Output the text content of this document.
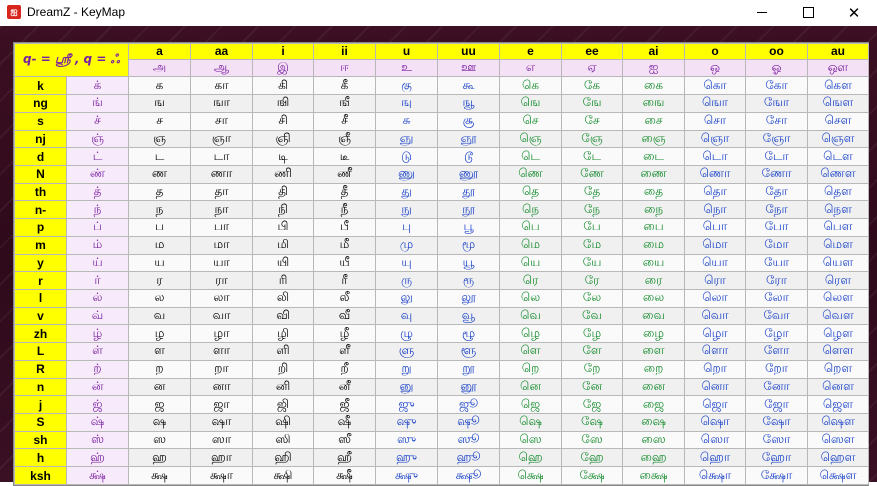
ஐ DreamZ - KeyMap	✕
q- = ஸ்ரீ , q = ஃ		a	aa	i	ii	u	uu	e	ee	ai	o	oo	au
		அ	ஆ	இ	ஈ	உ	ஊ	எ	ஏ	ஐ	ஒ	ஓ	ஔ
k	க்	க	கா	கி	கீ	கு	கூ	கெ	கே	கை	கொ	கோ	கௌ
ng	ங்	ங	ஙா	ஙி	ஙீ	ஙு	ஙூ	ஙெ	ஙே	ஙை	ஙொ	ஙோ	ஙௌ
s	ச்	ச	சா	சி	சீ	சு	சூ	செ	சே	சை	சொ	சோ	சௌ
nj	ஞ்	ஞ	ஞா	ஞி	ஞீ	ஞு	ஞூ	ஞெ	ஞே	ஞை	ஞொ	ஞோ	ஞௌ
d	ட்	ட	டா	டி	டீ	டு	டூ	டெ	டே	டை	டொ	டோ	டௌ
N	ண்	ண	ணா	ணி	ணீ	ணு	ணூ	ணெ	ணே	ணை	ணொ	ணோ	ணௌ
th	த்	த	தா	தி	தீ	து	தூ	தெ	தே	தை	தொ	தோ	தௌ
n-	ந்	ந	நா	நி	நீ	நு	நூ	நெ	நே	நை	நொ	நோ	நௌ
p	ப்	ப	பா	பி	பீ	பு	பூ	பெ	பே	பை	பொ	போ	பௌ
m	ம்	ம	மா	மி	மீ	மு	மூ	மெ	மே	மை	மொ	மோ	மௌ
y	ய்	ய	யா	யி	யீ	யு	யூ	யெ	யே	யை	யொ	யோ	யௌ
r	ர்	ர	ரா	ரி	ரீ	ரு	ரூ	ரெ	ரே	ரை	ரொ	ரோ	ரௌ
l	ல்	ல	லா	லி	லீ	லு	லூ	லெ	லே	லை	லொ	லோ	லௌ
v	வ்	வ	வா	வி	வீ	வு	வூ	வெ	வே	வை	வொ	வோ	வௌ
zh	ழ்	ழ	ழா	ழி	ழீ	ழு	ழூ	ழெ	ழே	ழை	ழொ	ழோ	ழௌ
L	ள்	ள	ளா	ளி	ளீ	ளு	ளூ	ளெ	ளே	ளை	ளொ	ளோ	ளௌ
R	ற்	ற	றா	றி	றீ	று	றூ	றெ	றே	றை	றொ	றோ	றௌ
n	ன்	ன	னா	னி	னீ	னு	னூ	னெ	னே	னை	னொ	னோ	னௌ
j	ஜ்	ஜ	ஜா	ஜி	ஜீ	ஜு	ஜூ	ஜெ	ஜே	ஜை	ஜொ	ஜோ	ஜௌ
S	ஷ்	ஷ	ஷா	ஷி	ஷீ	ஷு	ஷூ	ஷெ	ஷே	ஷை	ஷொ	ஷோ	ஷௌ
sh	ஸ்	ஸ	ஸா	ஸி	ஸீ	ஸு	ஸூ	ஸெ	ஸே	ஸை	ஸொ	ஸோ	ஸௌ
h	ஹ்	ஹ	ஹா	ஹி	ஹீ	ஹு	ஹூ	ஹெ	ஹே	ஹை	ஹொ	ஹோ	ஹௌ
ksh	க்ஷ்	க்ஷ	க்ஷா	க்ஷி	க்ஷீ	க்ஷு	க்ஷூ	க்ஷெ	க்ஷே	க்ஷை	க்ஷொ	க்ஷோ	க்ஷௌ
